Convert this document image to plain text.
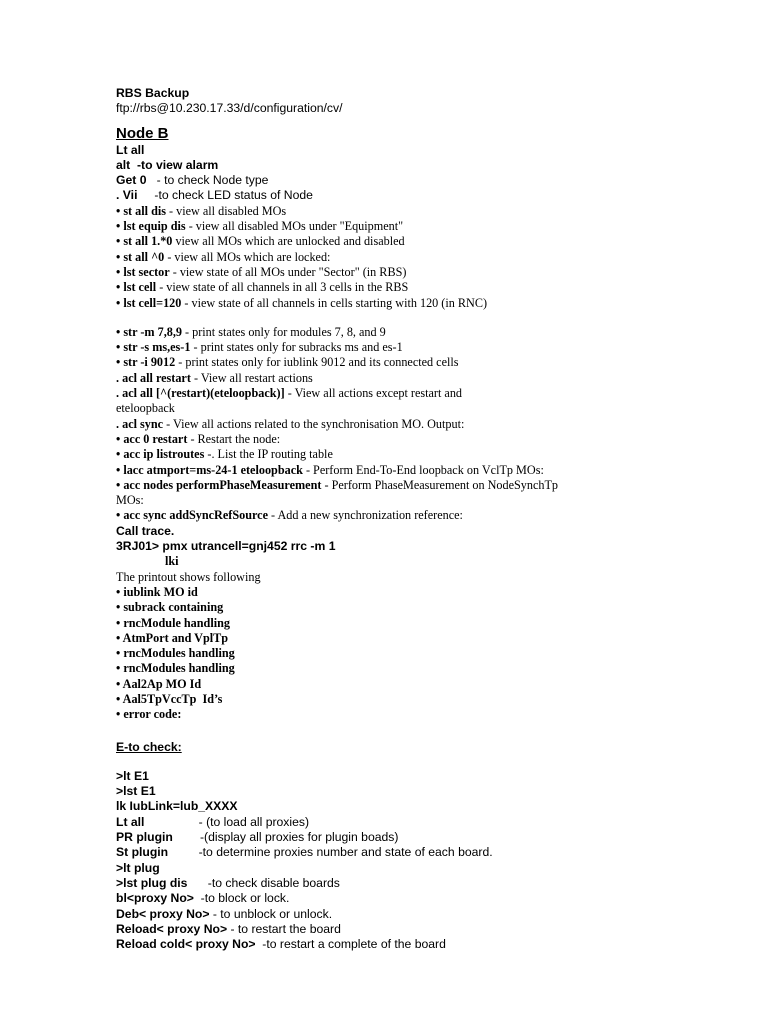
RBS Backup
ftp://rbs@10.230.17.33/d/configuration/cv/
Node B
Lt all
alt  -to view alarm
Get 0   - to check Node type
. Vii     -to check LED status of Node
• st all dis - view all disabled MOs
• lst equip dis - view all disabled MOs under "Equipment"
• st all 1.*0 view all MOs which are unlocked and disabled
• st all ^0 - view all MOs which are locked:
• lst sector - view state of all MOs under "Sector" (in RBS)
• lst cell - view state of all channels in all 3 cells in the RBS
• lst cell=120 - view state of all channels in cells starting with 120 (in RNC)
• str -m 7,8,9 - print states only for modules 7, 8, and 9
• str -s ms,es-1 - print states only for subracks ms and es-1
• str -i 9012 - print states only for iublink 9012 and its connected cells
. acl all restart - View all restart actions
. acl all [^(restart)(eteloopback)] - View all actions except restart and
eteloopback
. acl sync - View all actions related to the synchronisation MO. Output:
• acc 0 restart - Restart the node:
• acc ip listroutes -. List the IP routing table
• lacc atmport=ms-24-1 eteloopback - Perform End-To-End loopback on VclTp MOs:
• acc nodes performPhaseMeasurement - Perform PhaseMeasurement on NodeSynchTp
MOs:
• acc sync addSyncRefSource - Add a new synchronization reference:
Call trace.
3RJ01> pmx utrancell=gnj452 rrc -m 1
lki
The printout shows following
• iublink MO id
• subrack containing
• rncModule handling
• AtmPort and VplTp
• rncModules handling
• rncModules handling
• Aal2Ap MO Id
• Aal5TpVccTp  Id’s
• error code:
E-to check:
>lt E1
>lst E1
lk IubLink=lub_XXXX
Lt all                - (to load all proxies)
PR plugin        -(display all proxies for plugin boads)
St plugin         -to determine proxies number and state of each board.
>lt plug
>lst plug dis      -to check disable boards
bl<proxy No>  -to block or lock.
Deb< proxy No> - to unblock or unlock.
Reload< proxy No> - to restart the board
Reload cold< proxy No>  -to restart a complete of the board
